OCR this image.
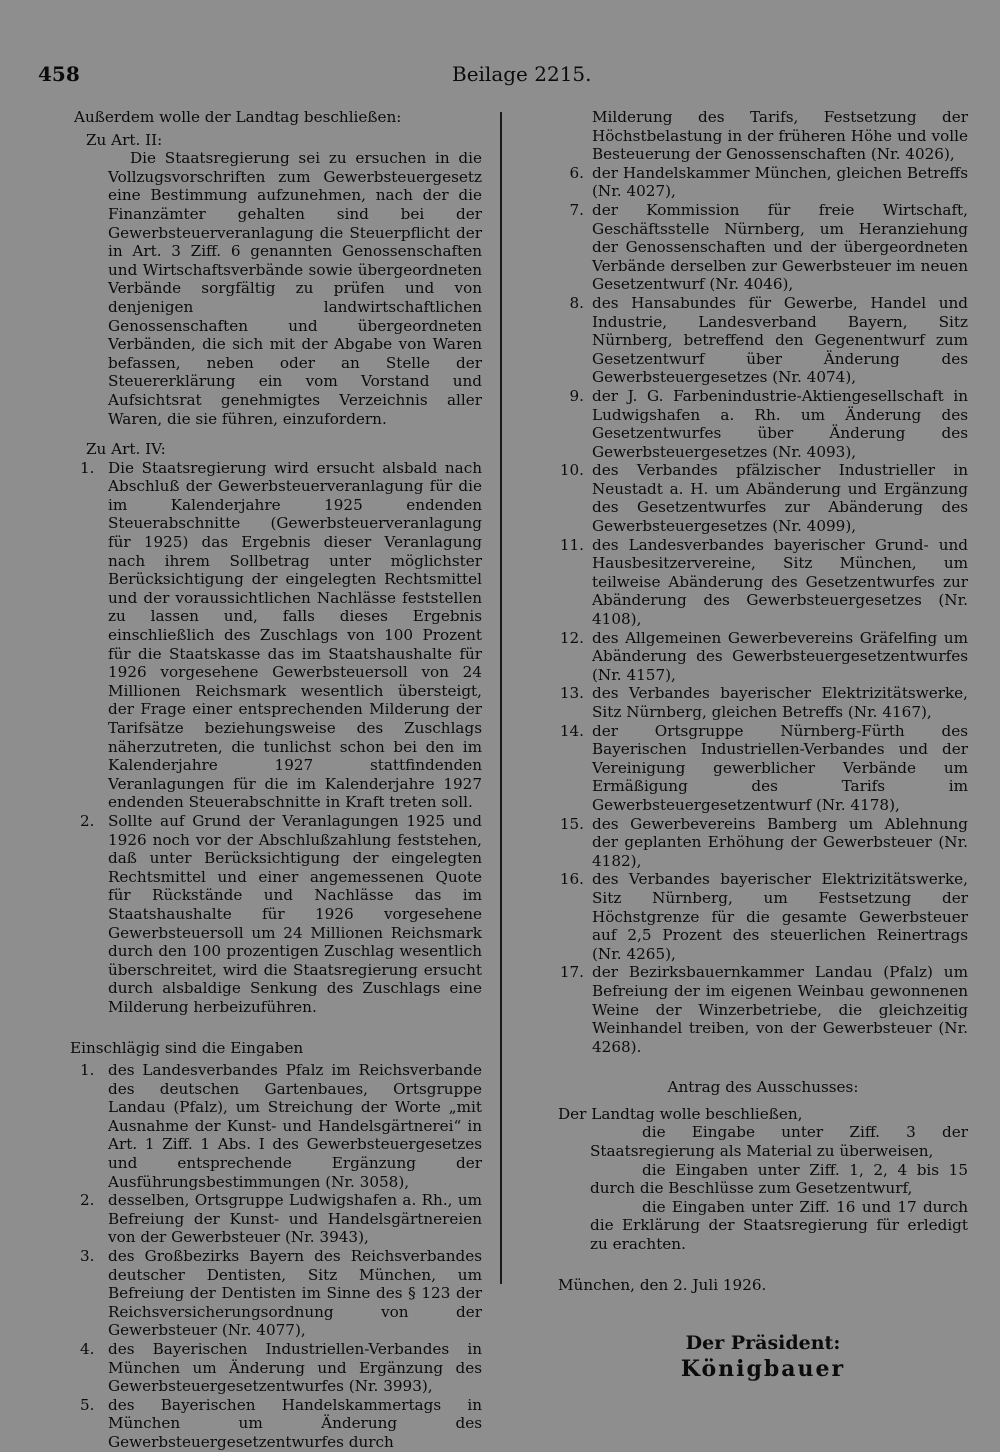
458	Beilage 2215.

Außerdem wolle der Landtag beschließen:

Zu Art. II:

Die Staatsregierung sei zu ersuchen in die Vollzugsvorschriften zum Gewerbsteuergesetz eine Bestimmung aufzunehmen, nach der die Finanzämter gehalten sind bei der Gewerbsteuerveranlagung die Steuerpflicht der in Art. 3 Ziff. 6 genannten Genossenschaften und Wirtschaftsverbände sowie übergeordneten Verbände sorgfältig zu prüfen und von denjenigen landwirtschaftlichen Genossenschaften und übergeordneten Verbänden, die sich mit der Abgabe von Waren befassen, neben oder an Stelle der Steuererklärung ein vom Vorstand und Aufsichtsrat genehmigtes Verzeichnis aller Waren, die sie führen, einzufordern.

Zu Art. IV:

1. Die Staatsregierung wird ersucht alsbald nach Abschluß der Gewerbsteuerveranlagung für die im Kalenderjahre 1925 endenden Steuerabschnitte (Gewerbsteuerveranlagung für 1925) das Ergebnis dieser Veranlagung nach ihrem Sollbetrag unter möglichster Berücksichtigung der eingelegten Rechtsmittel und der voraussichtlichen Nachlässe feststellen zu lassen und, falls dieses Ergebnis einschließlich des Zuschlags von 100 Prozent für die Staatskasse das im Staatshaushalte für 1926 vorgesehene Gewerbsteuersoll von 24 Millionen Reichsmark wesentlich übersteigt, der Frage einer entsprechenden Milderung der Tarifsätze beziehungsweise des Zuschlags näherzutreten, die tunlichst schon bei den im Kalenderjahre 1927 stattfindenden Veranlagungen für die im Kalenderjahre 1927 endenden Steuerabschnitte in Kraft treten soll.
2. Sollte auf Grund der Veranlagungen 1925 und 1926 noch vor der Abschlußzahlung feststehen, daß unter Berücksichtigung der eingelegten Rechtsmittel und einer angemessenen Quote für Rückstände und Nachlässe das im Staatshaushalte für 1926 vorgesehene Gewerbsteuersoll um 24 Millionen Reichsmark durch den 100 prozentigen Zuschlag wesentlich überschreitet, wird die Staatsregierung ersucht durch alsbaldige Senkung des Zuschlags eine Milderung herbeizuführen.

Einschlägig sind die Eingaben

1. des Landesverbandes Pfalz im Reichsverbande des deutschen Gartenbaues, Ortsgruppe Landau (Pfalz), um Streichung der Worte „mit Ausnahme der Kunst- und Handelsgärtnerei“ in Art. 1 Ziff. 1 Abs. I des Gewerbsteuergesetzes und entsprechende Ergänzung der Ausführungsbestimmungen (Nr. 3058),
2. desselben, Ortsgruppe Ludwigshafen a. Rh., um Befreiung der Kunst- und Handelsgärtnereien von der Gewerbsteuer (Nr. 3943),
3. des Großbezirks Bayern des Reichsverbandes deutscher Dentisten, Sitz München, um Befreiung der Dentisten im Sinne des § 123 der Reichsversicherungsordnung von der Gewerbsteuer (Nr. 4077),
4. des Bayerischen Industriellen-Verbandes in München um Änderung und Ergänzung des Gewerbsteuergesetzentwurfes (Nr. 3993),
5. des Bayerischen Handelskammertags in München um Änderung des Gewerbsteuergesetzentwurfes durch

Milderung des Tarifs, Festsetzung der Höchstbelastung in der früheren Höhe und volle Besteuerung der Genossenschaften (Nr. 4026),

6. der Handelskammer München, gleichen Betreffs (Nr. 4027),
7. der Kommission für freie Wirtschaft, Geschäftsstelle Nürnberg, um Heranziehung der Genossenschaften und der übergeordneten Verbände derselben zur Gewerbsteuer im neuen Gesetzentwurf (Nr. 4046),
8. des Hansabundes für Gewerbe, Handel und Industrie, Landesverband Bayern, Sitz Nürnberg, betreffend den Gegenentwurf zum Gesetzentwurf über Änderung des Gewerbsteuergesetzes (Nr. 4074),
9. der J. G. Farbenindustrie-Aktiengesellschaft in Ludwigshafen a. Rh. um Änderung des Gesetzentwurfes über Änderung des Gewerbsteuergesetzes (Nr. 4093),
10. des Verbandes pfälzischer Industrieller in Neustadt a. H. um Abänderung und Ergänzung des Gesetzentwurfes zur Abänderung des Gewerbsteuergesetzes (Nr. 4099),
11. des Landesverbandes bayerischer Grund- und Hausbesitzervereine, Sitz München, um teilweise Abänderung des Gesetzentwurfes zur Abänderung des Gewerbsteuergesetzes (Nr. 4108),
12. des Allgemeinen Gewerbevereins Gräfelfing um Abänderung des Gewerbsteuergesetzentwurfes (Nr. 4157),
13. des Verbandes bayerischer Elektrizitätswerke, Sitz Nürnberg, gleichen Betreffs (Nr. 4167),
14. der Ortsgruppe Nürnberg-Fürth des Bayerischen Industriellen-Verbandes und der Vereinigung gewerblicher Verbände um Ermäßigung des Tarifs im Gewerbsteuergesetzentwurf (Nr. 4178),
15. des Gewerbevereins Bamberg um Ablehnung der geplanten Erhöhung der Gewerbsteuer (Nr. 4182),
16. des Verbandes bayerischer Elektrizitätswerke, Sitz Nürnberg, um Festsetzung der Höchstgrenze für die gesamte Gewerbsteuer auf 2,5 Prozent des steuerlichen Reinertrags (Nr. 4265),
17. der Bezirksbauernkammer Landau (Pfalz) um Befreiung der im eigenen Weinbau gewonnenen Weine der Winzerbetriebe, die gleichzeitig Weinhandel treiben, von der Gewerbsteuer (Nr. 4268).

Antrag des Ausschusses:

Der Landtag wolle beschließen,

die Eingabe unter Ziff. 3 der Staatsregierung als Material zu überweisen,

die Eingaben unter Ziff. 1, 2, 4 bis 15 durch die Beschlüsse zum Gesetzentwurf,

die Eingaben unter Ziff. 16 und 17 durch die Erklärung der Staatsregierung für erledigt zu erachten.

München, den 2. Juli 1926.

Der Präsident:
Königbauer
